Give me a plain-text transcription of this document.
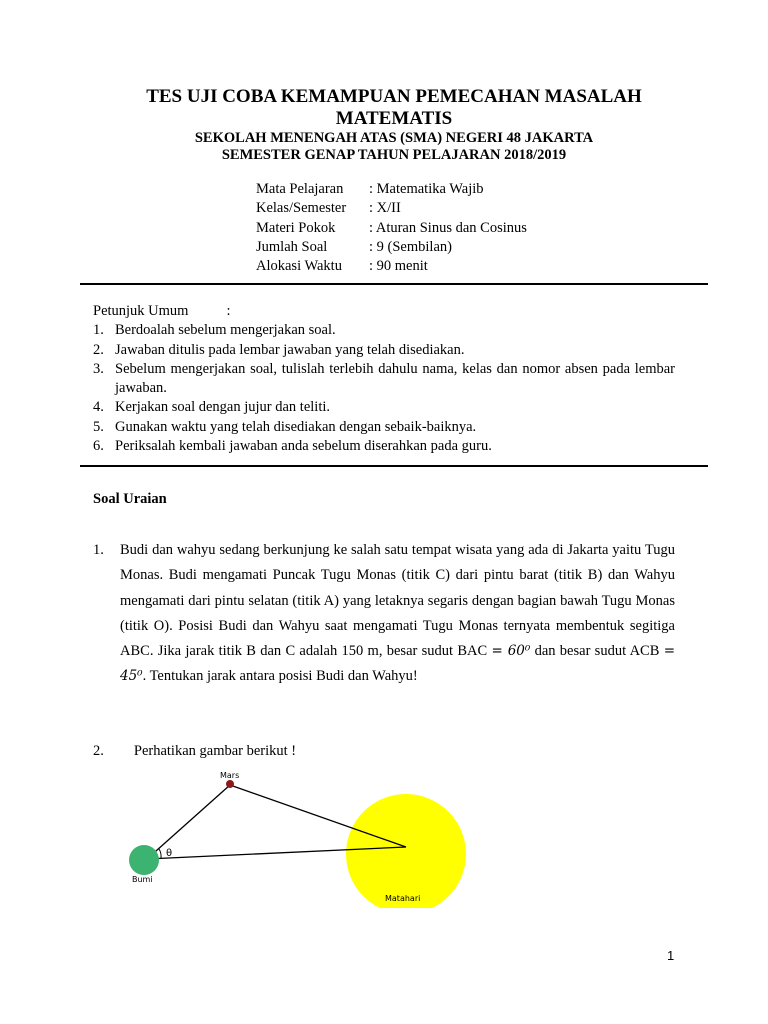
TES UJI COBA KEMAMPUAN PEMECAHAN MASALAH
MATEMATIS
SEKOLAH MENENGAH ATAS (SMA) NEGERI 48 JAKARTA
SEMESTER GENAP TAHUN PELAJARAN 2018/2019
Mata Pelajaran : Matematika Wajib
Kelas/Semester : X/II
Materi Pokok : Aturan Sinus dan Cosinus
Jumlah Soal	: 9 (Sembilan)
Alokasi Waktu : 90 menit
Petunjuk Umum	:
1. Berdoalah sebelum mengerjakan soal.
2. Jawaban ditulis pada lembar jawaban yang telah disediakan.
3. Sebelum mengerjakan soal, tulislah terlebih dahulu nama, kelas dan nomor absen pada lembar jawaban.
4. Kerjakan soal dengan jujur dan teliti.
5. Gunakan waktu yang telah disediakan dengan sebaik-baiknya.
6. Periksalah kembali jawaban anda sebelum diserahkan pada guru.
Soal Uraian
1. Budi dan wahyu sedang berkunjung ke salah satu tempat wisata yang ada di Jakarta yaitu Tugu Monas. Budi mengamati Puncak Tugu Monas (titik C) dari pintu barat (titik B) dan Wahyu mengamati dari pintu selatan (titik A) yang letaknya segaris dengan bagian bawah Tugu Monas (titik O). Posisi Budi dan Wahyu saat mengamati Tugu Monas ternyata membentuk segitiga ABC. Jika jarak titik B dan C adalah 150 m, besar sudut BAC = 60⁰ dan besar sudut ACB = 45⁰. Tentukan jarak antara posisi Budi dan Wahyu!
2. Perhatikan gambar berikut !
Mars
θ
Bumi
Matahari
1
